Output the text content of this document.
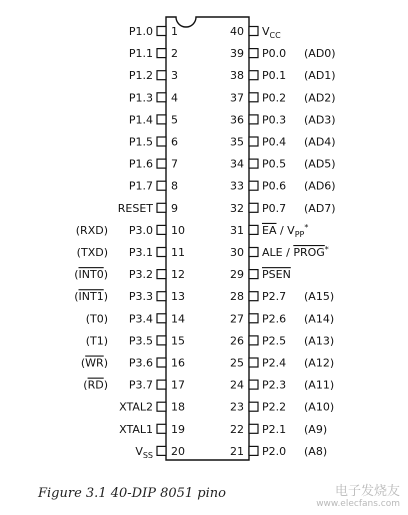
1
P1.0
2
P1.1
3
P1.2
4
P1.3
5
P1.4
6
P1.5
7
P1.6
8
P1.7
9
RESET
10
P3.0
(RXD)
11
P3.1
(TXD)
12
P3.2
(INT0)
13
P3.3
(INT1)
14
P3.4
(T0)
15
P3.5
(T1)
16
P3.6
(WR)
17
P3.7
(RD)
18
XTAL2
19
XTAL1
20
VSS
40 VCC
39 P0.0 (AD0)
38 P0.1 (AD1)
37 P0.2 (AD2)
36 P0.3 (AD3)
35 P0.4 (AD4)
34 P0.5 (AD5)
33 P0.6 (AD6)
32 P0.7 (AD7)
31 EA / VPP*
30 ALE / PROG*
29 PSEN
28 P2.7 (A15)
27 P2.6 (A14)
26 P2.5 (A13)
25 P2.4 (A12)
24 P2.3 (A11)
23 P2.2 (A10)
22 P2.1 (A9)
21 P2.0 (A8)
Figure 3.1 40-DIP 8051 pino	电子发烧友
www.elecfans.com
